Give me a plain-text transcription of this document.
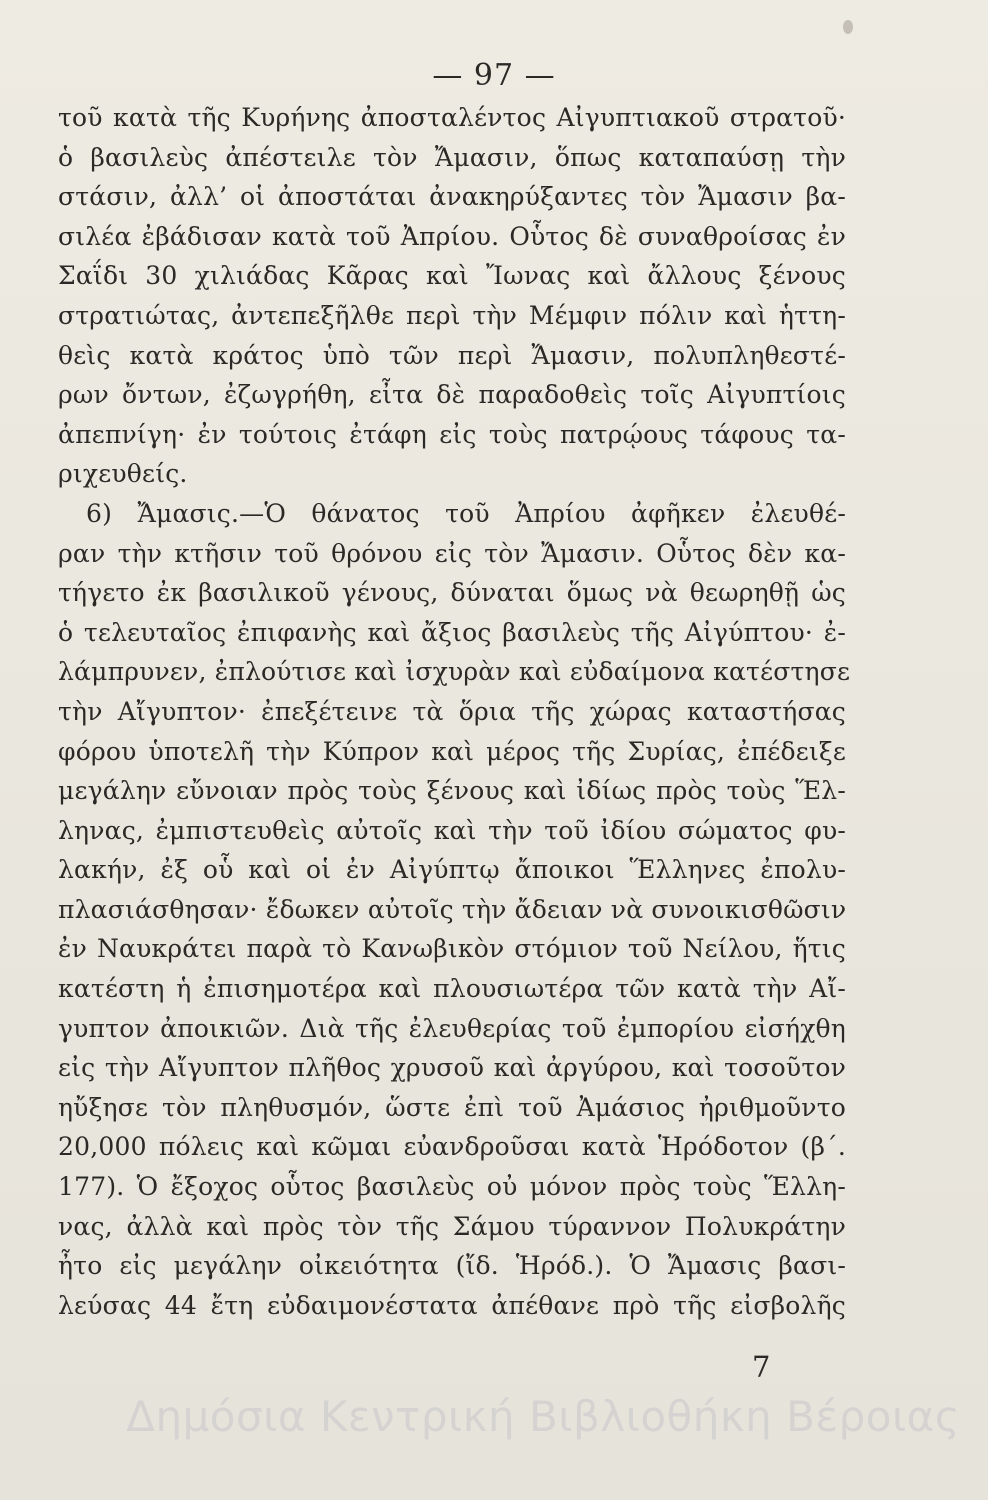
— 97 —
τοῦ κατὰ τῆς Κυρήνης ἀποσταλέντος Αἰγυπτιακοῦ στρατοῦ·
ὁ βασιλεὺς ἀπέστειλε τὸν Ἄμασιν, ὅπως καταπαύσῃ τὴν
στάσιν, ἀλλ’ οἱ ἀποστάται ἀνακηρύξαντες τὸν Ἄμασιν βα-
σιλέα ἐβάδισαν κατὰ τοῦ Ἀπρίου. Οὗτος δὲ συναθροίσας ἐν
Σαΐδι 30 χιλιάδας Κᾶρας καὶ Ἴωνας καὶ ἄλλους ξένους
στρατιώτας, ἀντεπεξῆλθε περὶ τὴν Μέμφιν πόλιν καὶ ἡττη-
θεὶς κατὰ κράτος ὑπὸ τῶν περὶ Ἄμασιν, πολυπληθεστέ-
ρων ὄντων, ἐζωγρήθη, εἶτα δὲ παραδοθεὶς τοῖς Αἰγυπτίοις
ἀπεπνίγη· ἐν τούτοις ἐτάφη εἰς τοὺς πατρῴους τάφους τα-
ριχευθείς.
6) Ἄμασις.—Ὁ θάνατος τοῦ Ἀπρίου ἀφῆκεν ἐλευθέ-
ραν τὴν κτῆσιν τοῦ θρόνου εἰς τὸν Ἄμασιν. Οὗτος δὲν κα-
τήγετο ἐκ βασιλικοῦ γένους, δύναται ὅμως νὰ θεωρηθῇ ὡς
ὁ τελευταῖος ἐπιφανὴς καὶ ἄξιος βασιλεὺς τῆς Αἰγύπτου· ἐ-
λάμπρυνεν, ἐπλούτισε καὶ ἰσχυρὰν καὶ εὐδαίμονα κατέστησε
τὴν Αἴγυπτον· ἐπεξέτεινε τὰ ὅρια τῆς χώρας καταστήσας
φόρου ὑποτελῆ τὴν Κύπρον καὶ μέρος τῆς Συρίας, ἐπέδειξε
μεγάλην εὔνοιαν πρὸς τοὺς ξένους καὶ ἰδίως πρὸς τοὺς Ἕλ-
ληνας, ἐμπιστευθεὶς αὐτοῖς καὶ τὴν τοῦ ἰδίου σώματος φυ-
λακήν, ἐξ οὗ καὶ οἱ ἐν Αἰγύπτῳ ἄποικοι Ἕλληνες ἐπολυ-
πλασιάσθησαν· ἔδωκεν αὐτοῖς τὴν ἄδειαν νὰ συνοικισθῶσιν
ἐν Ναυκράτει παρὰ τὸ Κανωβικὸν στόμιον τοῦ Νείλου, ἥτις
κατέστη ἡ ἐπισημοτέρα καὶ πλουσιωτέρα τῶν κατὰ τὴν Αἴ-
γυπτον ἀποικιῶν. Διὰ τῆς ἐλευθερίας τοῦ ἐμπορίου εἰσήχθη
εἰς τὴν Αἴγυπτον πλῆθος χρυσοῦ καὶ ἀργύρου, καὶ τοσοῦτον
ηὔξησε τὸν πληθυσμόν, ὥστε ἐπὶ τοῦ Ἀμάσιος ἠριθμοῦντο
20,000 πόλεις καὶ κῶμαι εὐανδροῦσαι κατὰ Ἡρόδοτον (β΄.
177). Ὁ ἔξοχος οὗτος βασιλεὺς οὐ μόνον πρὸς τοὺς Ἕλλη-
νας, ἀλλὰ καὶ πρὸς τὸν τῆς Σάμου τύραννον Πολυκράτην
ἦτο εἰς μεγάλην οἰκειότητα (ἴδ. Ἡρόδ.). Ὁ Ἄμασις βασι-
λεύσας 44 ἔτη εὐδαιμονέστατα ἀπέθανε πρὸ τῆς εἰσβολῆς
7
Δημόσια Κεντρική Βιβλιοθήκη Βέροιας
